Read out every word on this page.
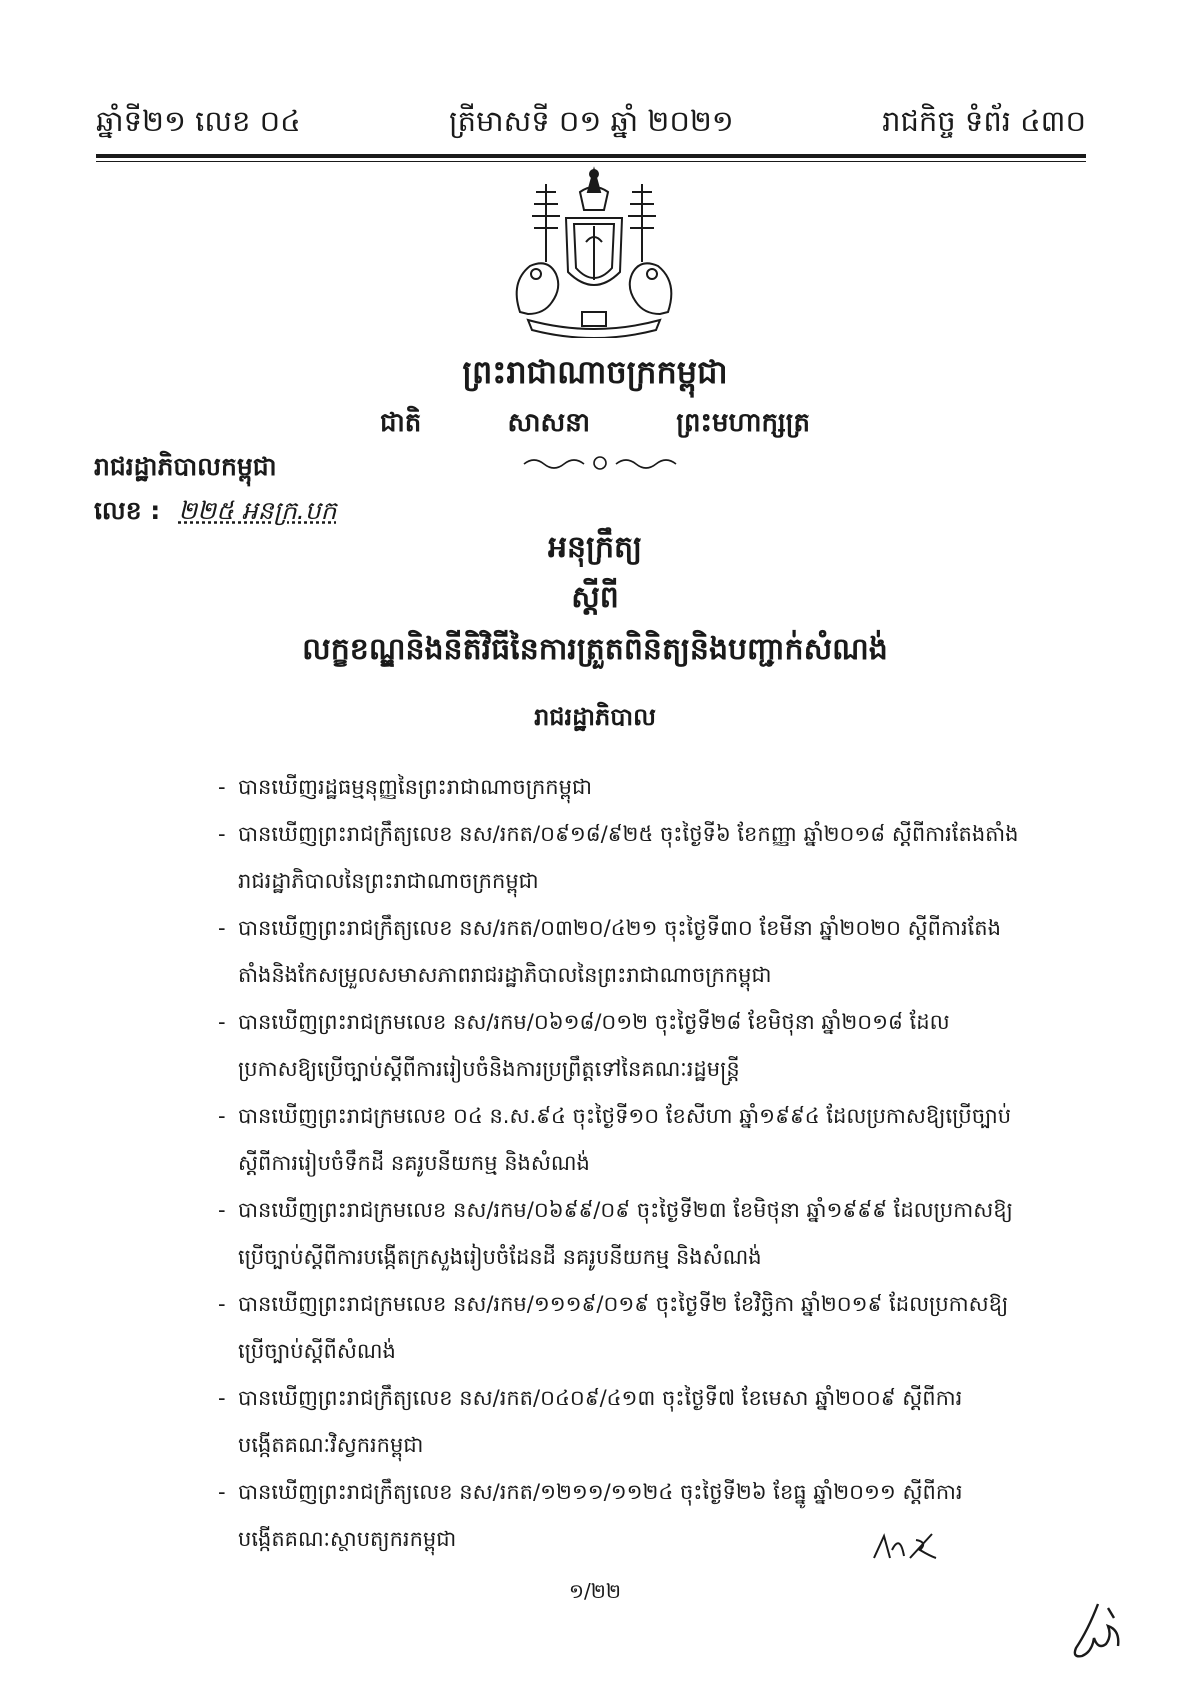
ឆ្នាំទី២១ លេខ ០៤	ត្រីមាសទី ០១ ឆ្នាំ ២០២១	រាជកិច្ច ទំព័រ ៤៣០
ព្រះរាជាណាចក្រកម្ពុជា
ជាតិ	សាសនា	ព្រះមហាក្សត្រ
រាជរដ្ឋាភិបាលកម្ពុជា
លេខ : ២២៥ អនក្រ.បក
អនុក្រឹត្យ
ស្តីពី
លក្ខខណ្ឌនិងនីតិវិធីនៃការត្រួតពិនិត្យនិងបញ្ជាក់សំណង់
រាជរដ្ឋាភិបាល
- បានឃើញរដ្ឋធម្មនុញ្ញនៃព្រះរាជាណាចក្រកម្ពុជា
- បានឃើញព្រះរាជក្រឹត្យលេខ នស/រកត/០៩១៨/៩២៥ ចុះថ្ងៃទី៦ ខែកញ្ញា ឆ្នាំ២០១៨ ស្តីពីការតែងតាំងរាជរដ្ឋាភិបាលនៃព្រះរាជាណាចក្រកម្ពុជា
- បានឃើញព្រះរាជក្រឹត្យលេខ នស/រកត/០៣២០/៤២១ ចុះថ្ងៃទី៣០ ខែមីនា ឆ្នាំ២០២០ ស្តីពីការតែងតាំងនិងកែសម្រួលសមាសភាពរាជរដ្ឋាភិបាលនៃព្រះរាជាណាចក្រកម្ពុជា
- បានឃើញព្រះរាជក្រមលេខ នស/រកម/០៦១៨/០១២ ចុះថ្ងៃទី២៨ ខែមិថុនា ឆ្នាំ២០១៨ ដែលប្រកាសឱ្យប្រើច្បាប់ស្តីពីការរៀបចំនិងការប្រព្រឹត្តទៅនៃគណៈរដ្ឋមន្ត្រី
- បានឃើញព្រះរាជក្រមលេខ ០៤ ន.ស.៩៤ ចុះថ្ងៃទី១០ ខែសីហា ឆ្នាំ១៩៩៤ ដែលប្រកាសឱ្យប្រើច្បាប់ស្តីពីការរៀបចំទឹកដី នគរូបនីយកម្ម និងសំណង់
- បានឃើញព្រះរាជក្រមលេខ នស/រកម/០៦៩៩/០៩ ចុះថ្ងៃទី២៣ ខែមិថុនា ឆ្នាំ១៩៩៩ ដែលប្រកាសឱ្យប្រើច្បាប់ស្តីពីការបង្កើតក្រសួងរៀបចំដែនដី នគរូបនីយកម្ម និងសំណង់
- បានឃើញព្រះរាជក្រមលេខ នស/រកម/១១១៩/០១៩ ចុះថ្ងៃទី២ ខែវិច្ឆិកា ឆ្នាំ២០១៩ ដែលប្រកាសឱ្យប្រើច្បាប់ស្តីពីសំណង់
- បានឃើញព្រះរាជក្រឹត្យលេខ នស/រកត/០៤០៩/៤១៣ ចុះថ្ងៃទី៧ ខែមេសា ឆ្នាំ២០០៩ ស្តីពីការបង្កើតគណៈវិស្វករកម្ពុជា
- បានឃើញព្រះរាជក្រឹត្យលេខ នស/រកត/១២១១/១១២៤ ចុះថ្ងៃទី២៦ ខែធ្នូ ឆ្នាំ២០១១ ស្តីពីការបង្កើតគណៈស្ថាបត្យករកម្ពុជា
១/២២
